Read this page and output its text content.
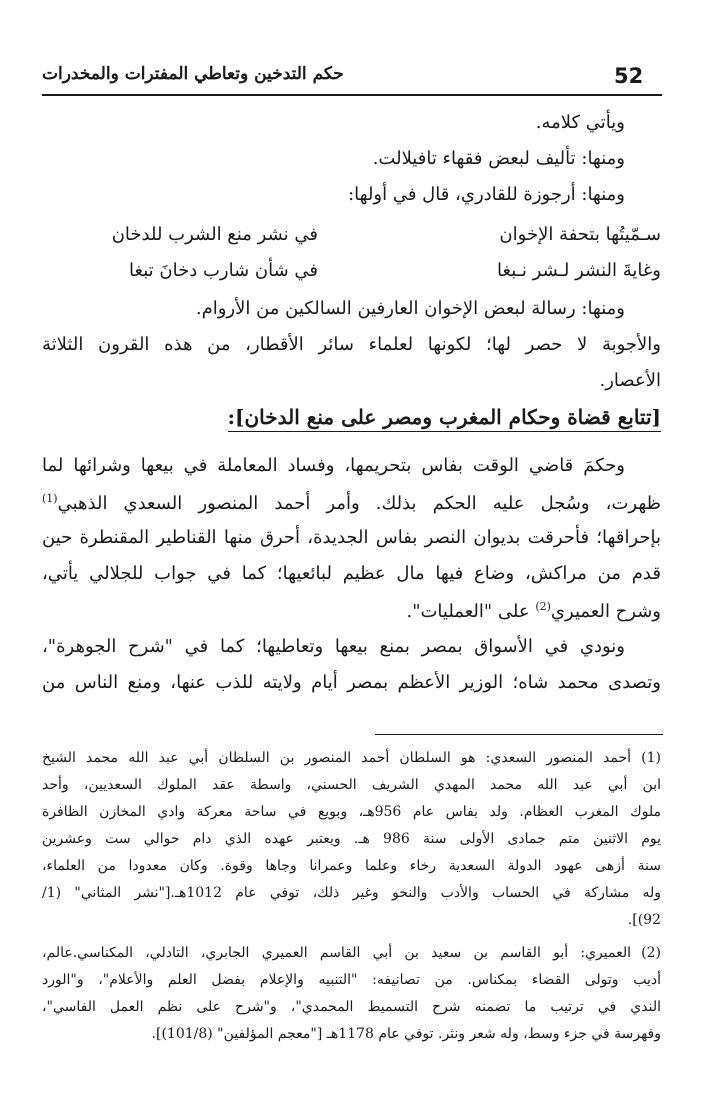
52
حكم التدخين وتعاطي المفترات والمخدرات
ويأتي كلامه.
ومنها: تأليف لبعض فقهاء تافيلالت.
ومنها: أرجوزة للقادري، قال في أولها:
سـمّيتُها بتحفة الإخوان
في نشر منع الشرب للدخان
وغايةَ النشر لـشر نـبغا
في شأن شارب دخانَ تبغا
ومنها: رسالة لبعض الإخوان العارفين السالكين من الأروام.
والأجوبة لا حصر لها؛ لكونها لعلماء سائر الأقطار، من هذه القرون الثلاثة
الأعصار.
[تتابع قضاة وحكام المغرب ومصر على منع الدخان]:
وحكمَ قاضي الوقت بفاس بتحريمها، وفساد المعاملة في بيعها وشرائها لما
ظهرت، وسُجل عليه الحكم بذلك. وأمر أحمد المنصور السعدي الذهبي$^{(1)}$
بإحراقها؛ فأحرقت بديوان النصر بفاس الجديدة، أحرق منها القناطير المقنطرة حين
قدم من مراكش، وضاع فيها مال عظيم لبائعيها؛ كما في جواب للجلالي يأتي،
وشرح العميري$^{(2)}$ على "العمليات".
ونودي في الأسواق بمصر بمنع بيعها وتعاطيها؛ كما في "شرح الجوهرة"،
وتصدى محمد شاه؛ الوزير الأعظم بمصر أيام ولايته للذب عنها، ومنع الناس من
(1)
أحمد المنصور السعدي: هو السلطان أحمد المنصور بن السلطان أبي عبد الله محمد الشيخ
ابن أبي عبد الله محمد المهدي الشريف الحسني، واسطة عقد الملوك السعديين، وأحد
ملوك المغرب العظام. ولد بفاس عام 956هـ، وبويع في ساحة معركة وادي المخازن الظافرة
يوم الاثنين متم جمادى الأولى سنة 986 هـ. ويعتبر عهده الذي دام حوالي ست وعشرين
سنة أزهى عهود الدولة السعدية رخاء وعلما وعمرانا وجاها وقوة. وكان معدودا من العلماء،
وله مشاركة في الحساب والأدب والنحو وغير ذلك، توفي عام 1012هـ.["نشر المثاني" (1/
92)].
(2)
العميري: أبو القاسم بن سعيد بن أبي القاسم العميري الجابري، التادلي، المكناسي.عالم،
أديب وتولى القضاء بمكناس. من تصانيفه: "التنبيه والإعلام بفضل العلم والأعلام"، و"الورد
الندي في ترتيب ما تضمنه شرح التسميط المحمدي"، و"شرح على نظم العمل الفاسي"،
وفهرسة في جزء وسط، وله شعر ونثر. توفي عام 1178هـ ["معجم المؤلفين" (101/8)].
